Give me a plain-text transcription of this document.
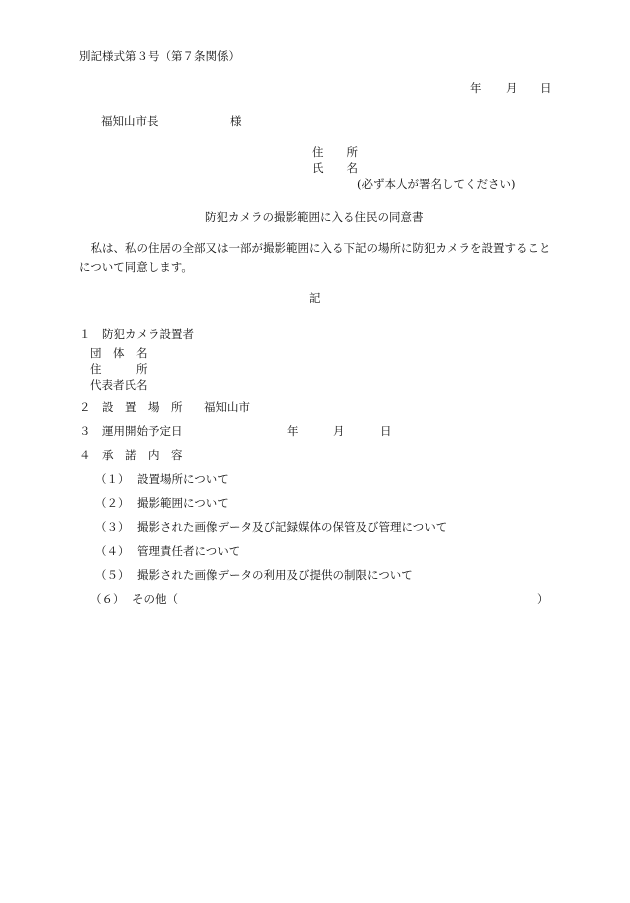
別記様式第３号（第７条関係）
年 月 日
福知山市長	様
住　　所
氏　　名
(必ず本人が署名してください)
防犯カメラの撮影範囲に入る住民の同意書
　私は、私の住居の全部又は一部が撮影範囲に入る下記の場所に防犯カメラを設置することについて同意します。
記
１　防犯カメラ設置者
団　体　名
住　　　所
代表者氏名
２　設　置　場　所 福知山市
３　運用開始予定日	年	月	日
４　承　諾　内　容
（１） 設置場所について
（２） 撮影範囲について
（３） 撮影された画像データ及び記録媒体の保管及び管理について
（４） 管理責任者について
（５） 撮影された画像データの利用及び提供の制限について
（６） その他（	）
